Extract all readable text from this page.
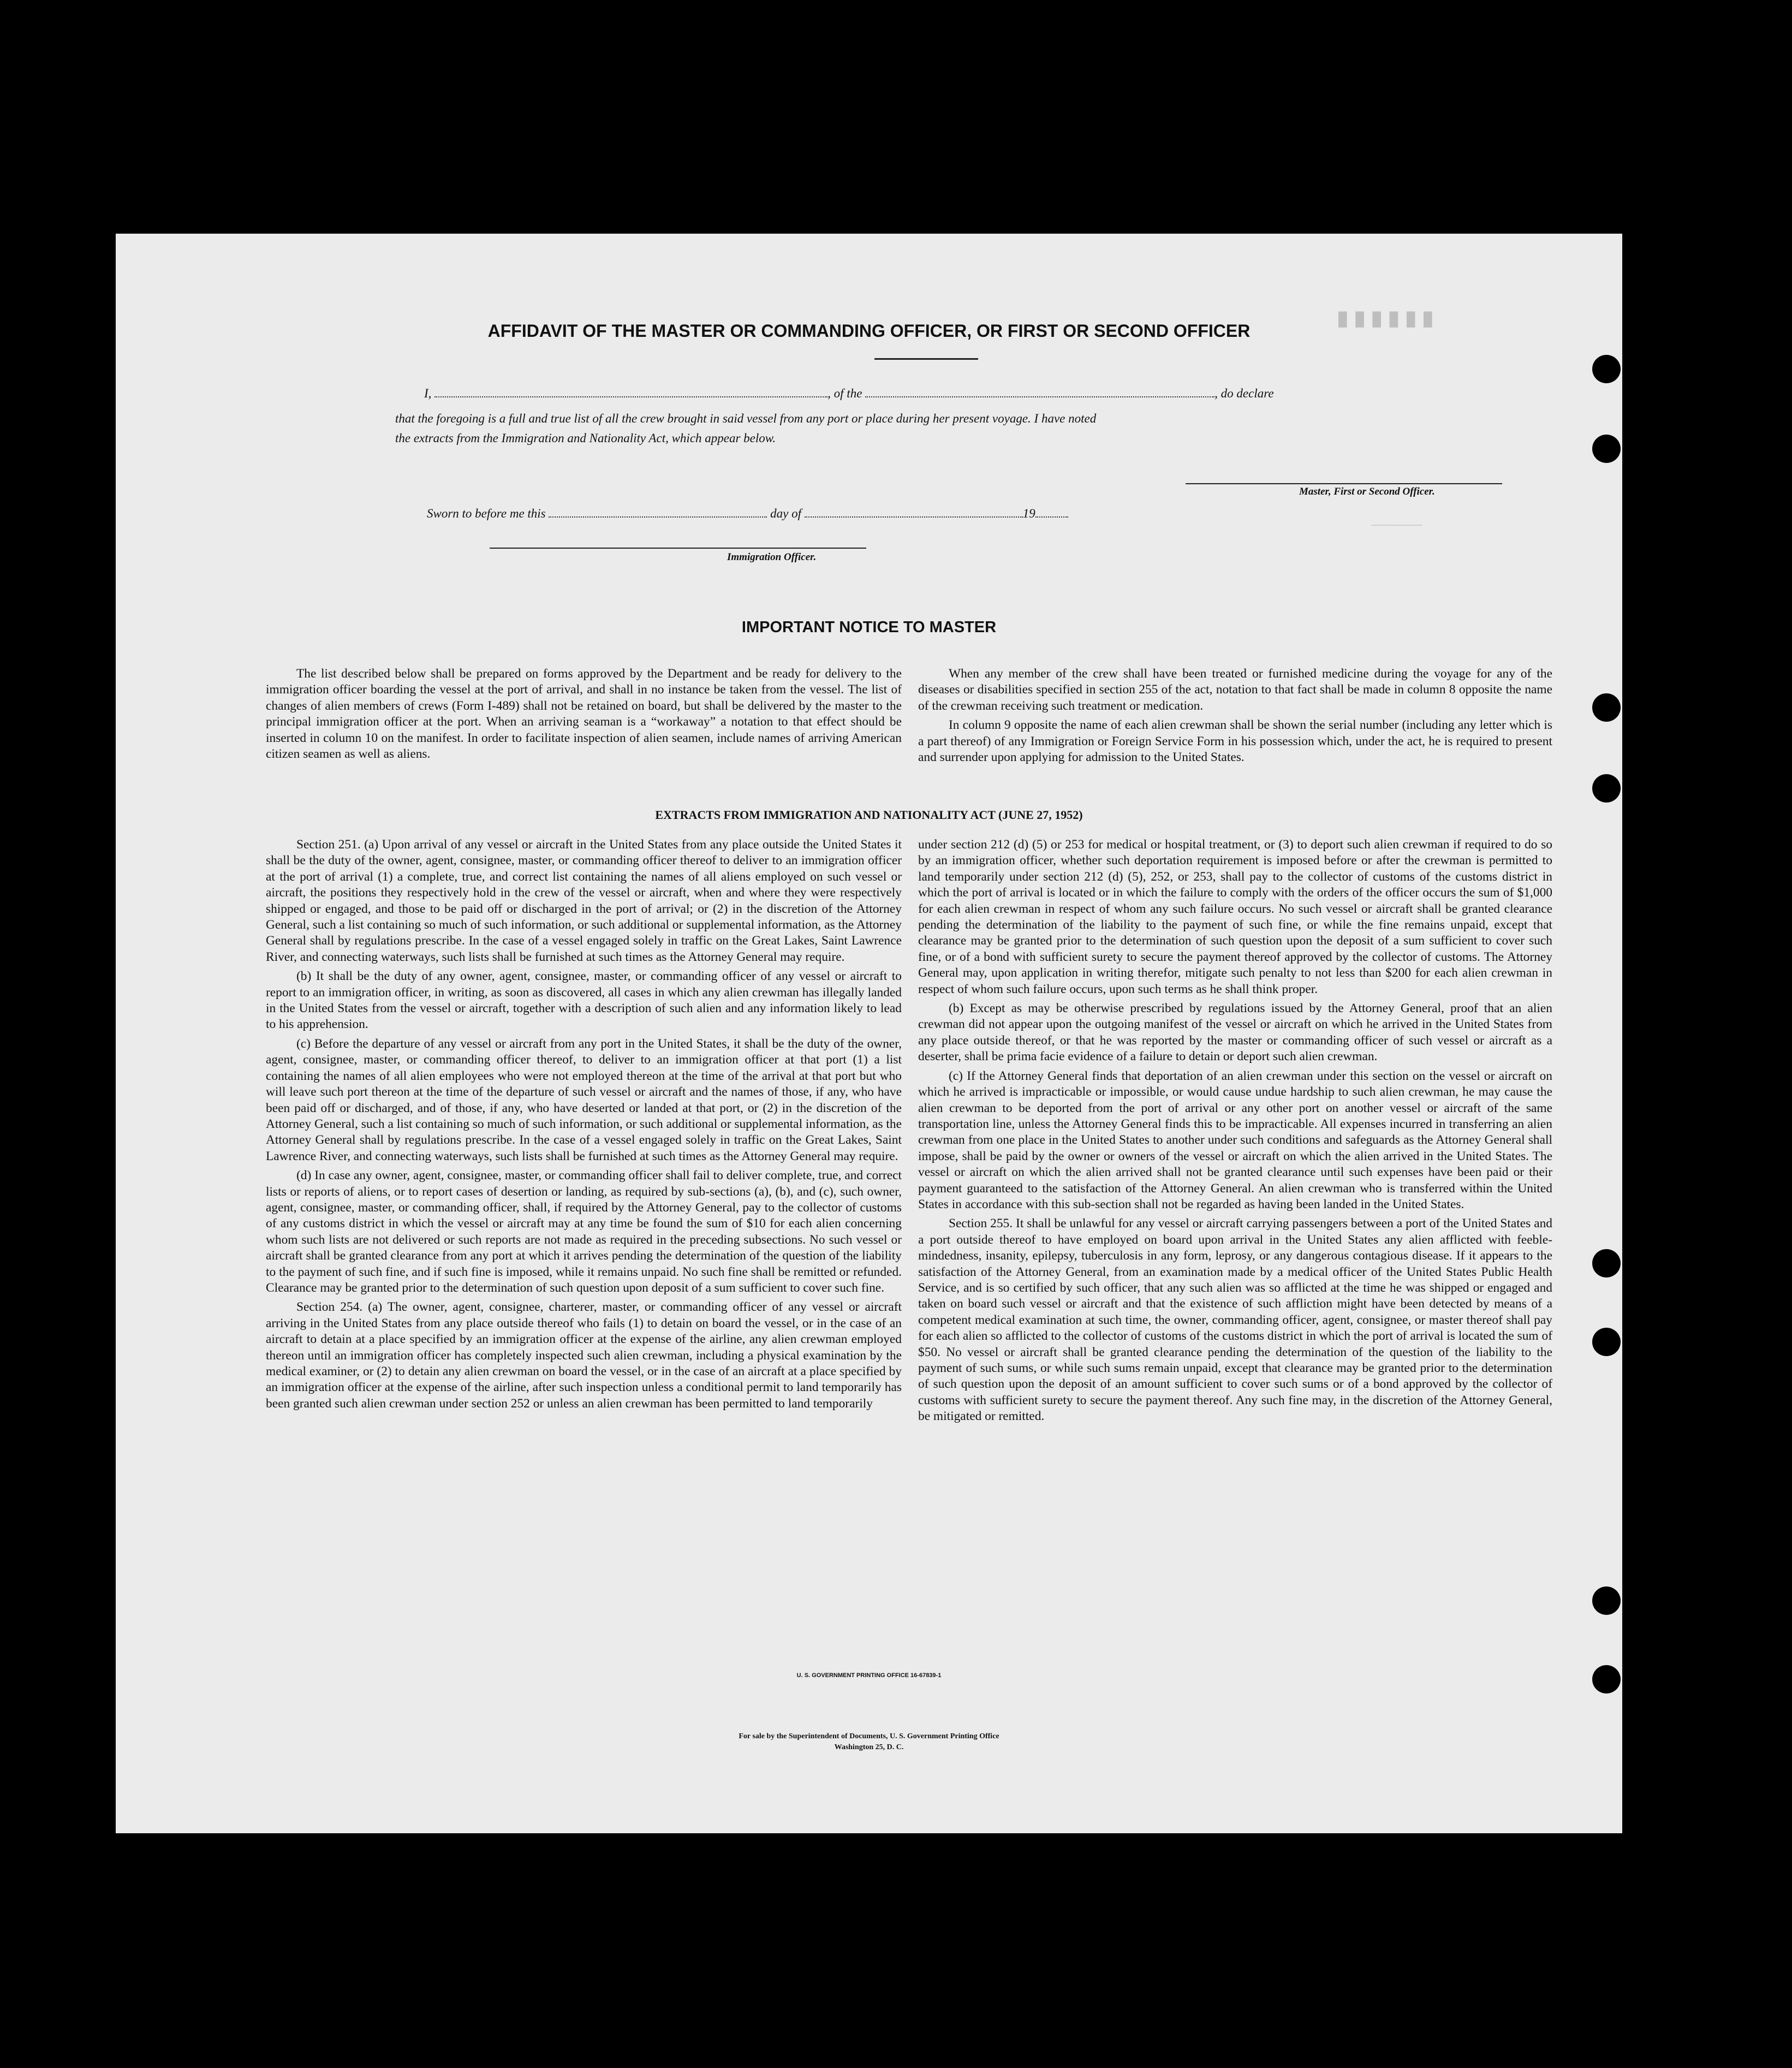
█ █ █ █ █ █
──────
AFFIDAVIT OF THE MASTER OR COMMANDING OFFICER, OR FIRST OR SECOND OFFICER
I,	, of the	, do declare
that the foregoing is a full and true list of all the crew brought in said vessel from any port or place during her present voyage. I have noted
the extracts from the Immigration and Nationality Act, which appear below.
Master, First or Second Officer.
Sworn to before me this	day of	19
Immigration Officer.
IMPORTANT NOTICE TO MASTER

The list described below shall be prepared on forms approved by the Department and be ready for delivery to the immigration officer boarding the vessel at the port of arrival, and shall in no instance be taken from the vessel. The list of changes of alien members of crews (Form I-489) shall not be retained on board, but shall be delivered by the master to the principal immigration officer at the port. When an arriving seaman is a “workaway” a notation to that effect should be inserted in column 10 on the manifest. In order to facilitate inspection of alien seamen, include names of arriving American citizen seamen as well as aliens.

When any member of the crew shall have been treated or furnished medicine during the voyage for any of the diseases or disabilities specified in section 255 of the act, notation to that fact shall be made in column 8 opposite the name of the crewman receiving such treatment or medication.

In column 9 opposite the name of each alien crewman shall be shown the serial number (including any letter which is a part thereof) of any Immigration or Foreign Service Form in his possession which, under the act, he is required to present and surrender upon applying for admission to the United States.

EXTRACTS FROM IMMIGRATION AND NATIONALITY ACT (JUNE 27, 1952)

Section 251. (a) Upon arrival of any vessel or aircraft in the United States from any place outside the United States it shall be the duty of the owner, agent, consignee, master, or commanding officer thereof to deliver to an immigration officer at the port of arrival (1) a complete, true, and correct list containing the names of all aliens employed on such vessel or aircraft, the positions they respectively hold in the crew of the vessel or aircraft, when and where they were respectively shipped or engaged, and those to be paid off or discharged in the port of arrival; or (2) in the discretion of the Attorney General, such a list containing so much of such information, or such additional or supplemental information, as the Attorney General shall by regulations prescribe. In the case of a vessel engaged solely in traffic on the Great Lakes, Saint Lawrence River, and connecting waterways, such lists shall be furnished at such times as the Attorney General may require.

(b) It shall be the duty of any owner, agent, consignee, master, or commanding officer of any vessel or aircraft to report to an immigration officer, in writing, as soon as discovered, all cases in which any alien crewman has illegally landed in the United States from the vessel or aircraft, together with a description of such alien and any information likely to lead to his apprehension.

(c) Before the departure of any vessel or aircraft from any port in the United States, it shall be the duty of the owner, agent, consignee, master, or commanding officer thereof, to deliver to an immigration officer at that port (1) a list containing the names of all alien employees who were not employed thereon at the time of the arrival at that port but who will leave such port thereon at the time of the departure of such vessel or aircraft and the names of those, if any, who have been paid off or discharged, and of those, if any, who have deserted or landed at that port, or (2) in the discretion of the Attorney General, such a list containing so much of such information, or such additional or supplemental information, as the Attorney General shall by regulations prescribe. In the case of a vessel engaged solely in traffic on the Great Lakes, Saint Lawrence River, and connecting waterways, such lists shall be furnished at such times as the Attorney General may require.

(d) In case any owner, agent, consignee, master, or commanding officer shall fail to deliver complete, true, and correct lists or reports of aliens, or to report cases of desertion or landing, as required by sub-sections (a), (b), and (c), such owner, agent, consignee, master, or commanding officer, shall, if required by the Attorney General, pay to the collector of customs of any customs district in which the vessel or aircraft may at any time be found the sum of $10 for each alien concerning whom such lists are not delivered or such reports are not made as required in the preceding subsections. No such vessel or aircraft shall be granted clearance from any port at which it arrives pending the determination of the question of the liability to the payment of such fine, and if such fine is imposed, while it remains unpaid. No such fine shall be remitted or refunded. Clearance may be granted prior to the determination of such question upon deposit of a sum sufficient to cover such fine.

Section 254. (a) The owner, agent, consignee, charterer, master, or commanding officer of any vessel or aircraft arriving in the United States from any place outside thereof who fails (1) to detain on board the vessel, or in the case of an aircraft to detain at a place specified by an immigration officer at the expense of the airline, any alien crewman employed thereon until an immigration officer has completely inspected such alien crewman, including a physical examination by the medical examiner, or (2) to detain any alien crewman on board the vessel, or in the case of an aircraft at a place specified by an immigration officer at the expense of the airline, after such inspection unless a conditional permit to land temporarily has been granted such alien crewman under section 252 or unless an alien crewman has been permitted to land temporarily

under section 212 (d) (5) or 253 for medical or hospital treatment, or (3) to deport such alien crewman if required to do so by an immigration officer, whether such deportation requirement is imposed before or after the crewman is permitted to land temporarily under section 212 (d) (5), 252, or 253, shall pay to the collector of customs of the customs district in which the port of arrival is located or in which the failure to comply with the orders of the officer occurs the sum of $1,000 for each alien crewman in respect of whom any such failure occurs. No such vessel or aircraft shall be granted clearance pending the determination of the liability to the payment of such fine, or while the fine remains unpaid, except that clearance may be granted prior to the determination of such question upon the deposit of a sum sufficient to cover such fine, or of a bond with sufficient surety to secure the payment thereof approved by the collector of customs. The Attorney General may, upon application in writing therefor, mitigate such penalty to not less than $200 for each alien crewman in respect of whom such failure occurs, upon such terms as he shall think proper.

(b) Except as may be otherwise prescribed by regulations issued by the Attorney General, proof that an alien crewman did not appear upon the outgoing manifest of the vessel or aircraft on which he arrived in the United States from any place outside thereof, or that he was reported by the master or commanding officer of such vessel or aircraft as a deserter, shall be prima facie evidence of a failure to detain or deport such alien crewman.

(c) If the Attorney General finds that deportation of an alien crewman under this section on the vessel or aircraft on which he arrived is impracticable or impossible, or would cause undue hardship to such alien crewman, he may cause the alien crewman to be deported from the port of arrival or any other port on another vessel or aircraft of the same transportation line, unless the Attorney General finds this to be impracticable. All expenses incurred in transferring an alien crewman from one place in the United States to another under such conditions and safeguards as the Attorney General shall impose, shall be paid by the owner or owners of the vessel or aircraft on which the alien arrived in the United States. The vessel or aircraft on which the alien arrived shall not be granted clearance until such expenses have been paid or their payment guaranteed to the satisfaction of the Attorney General. An alien crewman who is transferred within the United States in accordance with this sub-section shall not be regarded as having been landed in the United States.

Section 255. It shall be unlawful for any vessel or aircraft carrying passengers between a port of the United States and a port outside thereof to have employed on board upon arrival in the United States any alien afflicted with feeble-mindedness, insanity, epilepsy, tuberculosis in any form, leprosy, or any dangerous contagious disease. If it appears to the satisfaction of the Attorney General, from an examination made by a medical officer of the United States Public Health Service, and is so certified by such officer, that any such alien was so afflicted at the time he was shipped or engaged and taken on board such vessel or aircraft and that the existence of such affliction might have been detected by means of a competent medical examination at such time, the owner, commanding officer, agent, consignee, or master thereof shall pay for each alien so afflicted to the collector of customs of the customs district in which the port of arrival is located the sum of $50. No vessel or aircraft shall be granted clearance pending the determination of the question of the liability to the payment of such sums, or while such sums remain unpaid, except that clearance may be granted prior to the determination of such question upon the deposit of an amount sufficient to cover such sums or of a bond approved by the collector of customs with sufficient surety to secure the payment thereof. Any such fine may, in the discretion of the Attorney General, be mitigated or remitted.

U. S. GOVERNMENT PRINTING OFFICE 16-67839-1
For sale by the Superintendent of Documents, U. S. Government Printing Office
Washington 25, D. C.
